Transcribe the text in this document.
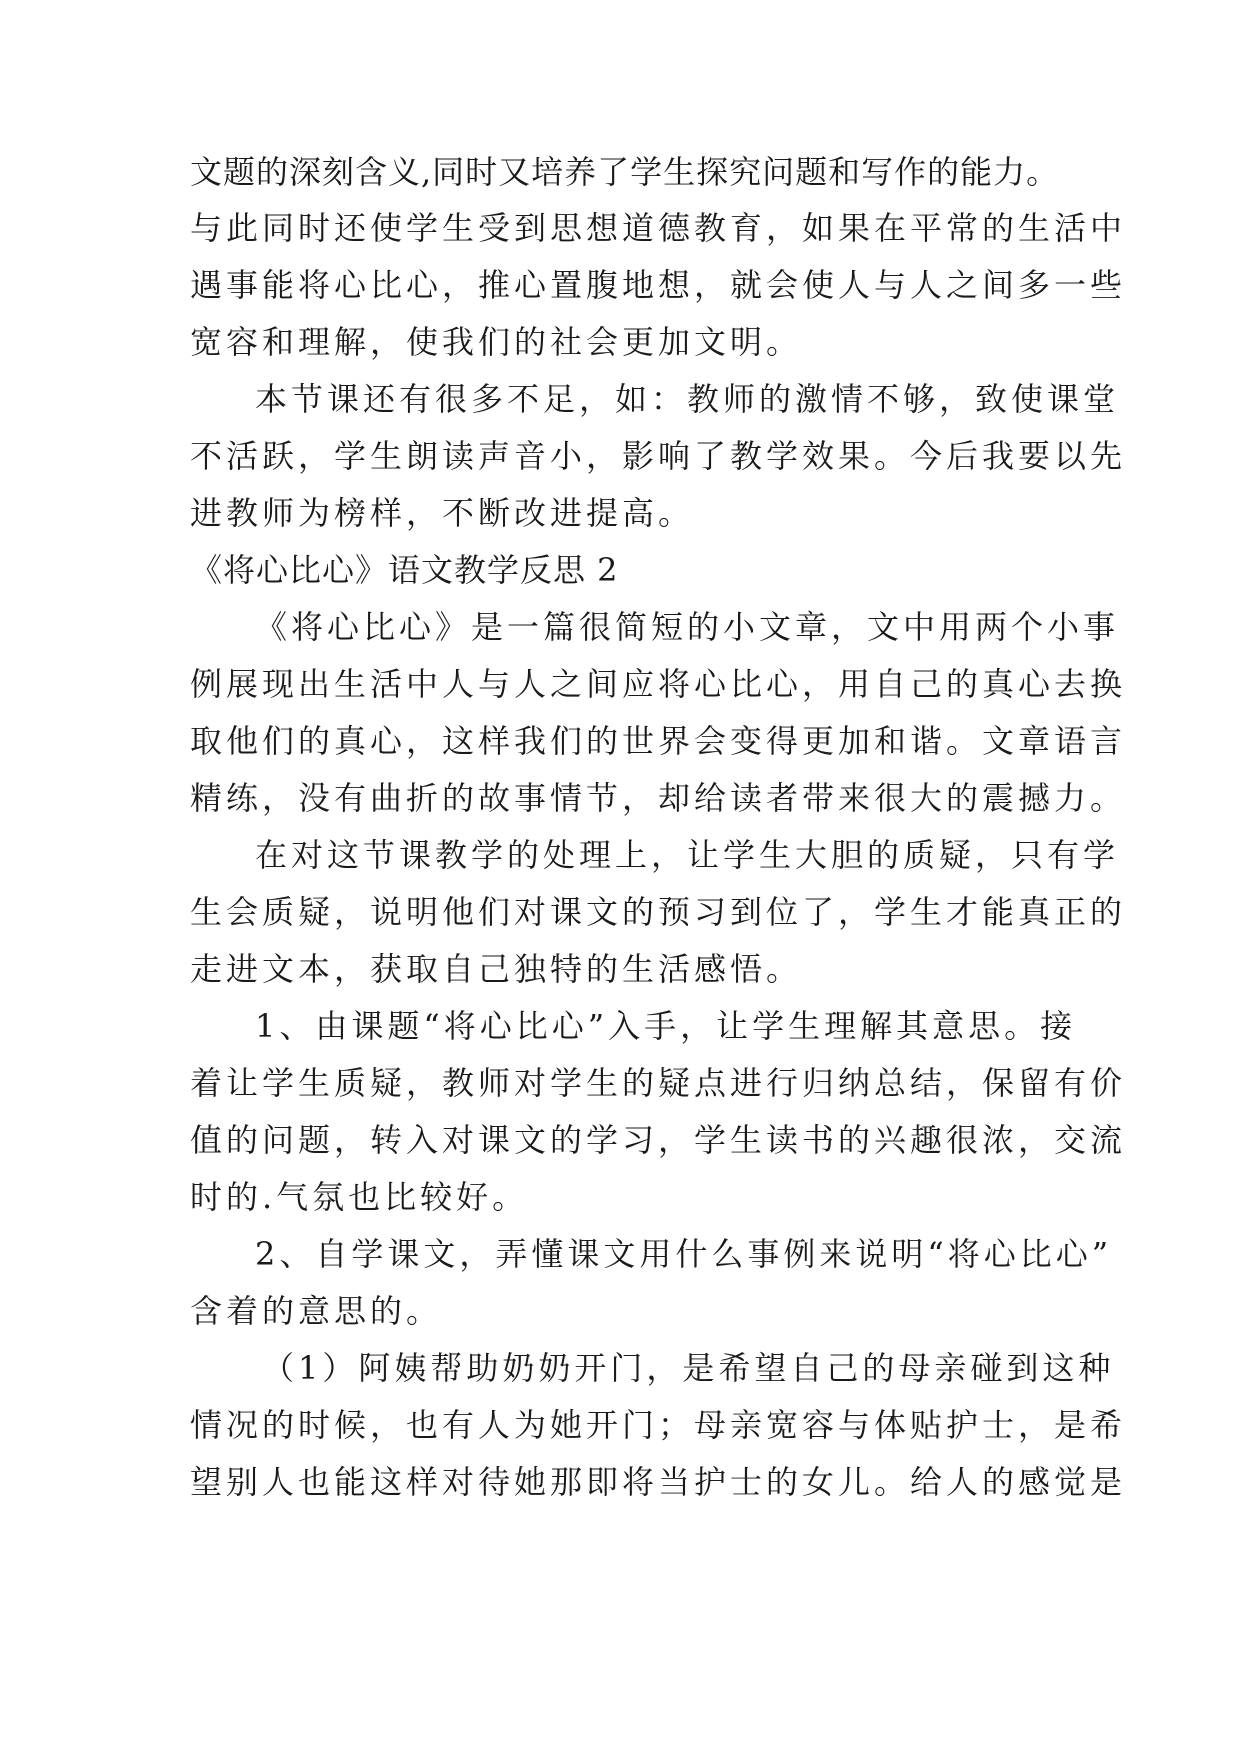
文题的深刻含义,同时又培养了学生探究问题和写作的能力。
与此同时还使学生受到思想道德教育，如果在平常的生活中
遇事能将心比心，推心置腹地想，就会使人与人之间多一些
宽容和理解，使我们的社会更加文明。
本节课还有很多不足，如：教师的激情不够，致使课堂
不活跃，学生朗读声音小，影响了教学效果。今后我要以先
进教师为榜样，不断改进提高。
《将心比心》语文教学反思 2
《将心比心》是一篇很简短的小文章，文中用两个小事
例展现出生活中人与人之间应将心比心，用自己的真心去换
取他们的真心，这样我们的世界会变得更加和谐。文章语言
精练，没有曲折的故事情节，却给读者带来很大的震撼力。
在对这节课教学的处理上，让学生大胆的质疑，只有学
生会质疑，说明他们对课文的预习到位了，学生才能真正的
走进文本，获取自己独特的生活感悟。
1、由课题“将心比心”入手，让学生理解其意思。接
着让学生质疑，教师对学生的疑点进行归纳总结，保留有价
值的问题，转入对课文的学习，学生读书的兴趣很浓，交流
时的.气氛也比较好。
2、自学课文，弄懂课文用什么事例来说明“将心比心”
含着的意思的。
（1）阿姨帮助奶奶开门，是希望自己的母亲碰到这种
情况的时候，也有人为她开门；母亲宽容与体贴护士，是希
望别人也能这样对待她那即将当护士的女儿。给人的感觉是
